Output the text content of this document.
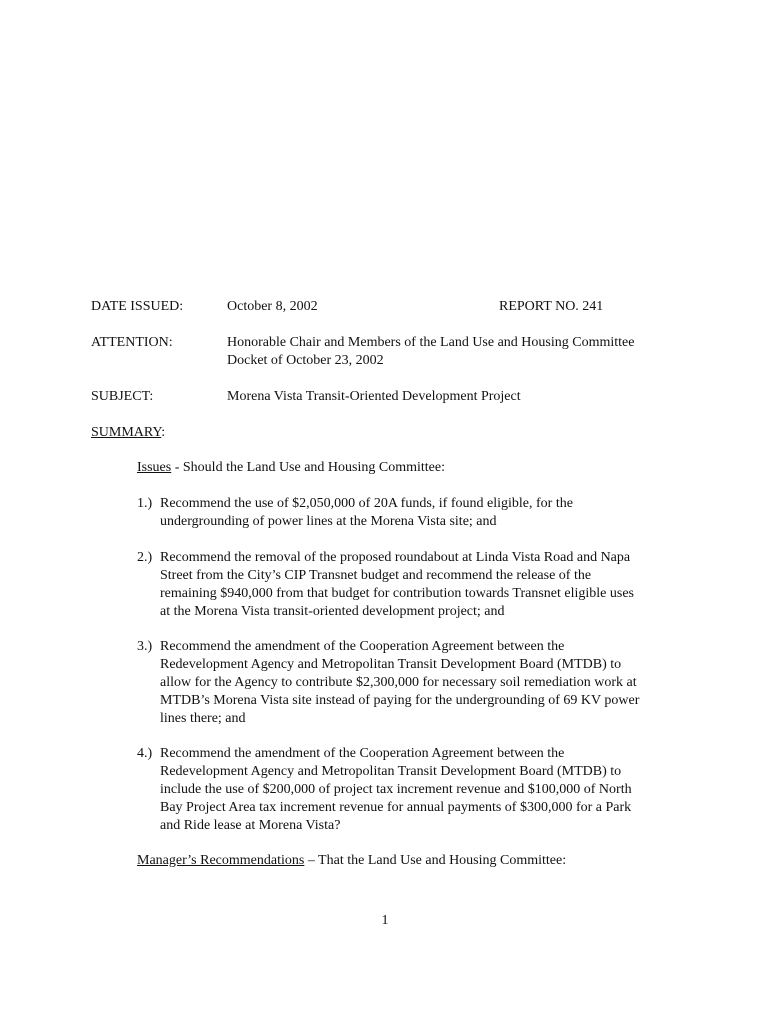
DATE ISSUED:	October 8, 2002	REPORT NO. 241
ATTENTION:	Honorable Chair and Members of the Land Use and Housing Committee
Docket of October 23, 2002
SUBJECT:	Morena Vista Transit-Oriented Development Project
SUMMARY:
Issues - Should the Land Use and Housing Committee:
1.) Recommend the use of $2,050,000 of 20A funds, if found eligible, for the
undergrounding of power lines at the Morena Vista site; and
2.) Recommend the removal of the proposed roundabout at Linda Vista Road and Napa
Street from the City’s CIP Transnet budget and recommend the release of the
remaining $940,000 from that budget for contribution towards Transnet eligible uses
at the Morena Vista transit-oriented development project; and
3.) Recommend the amendment of the Cooperation Agreement between the
Redevelopment Agency and Metropolitan Transit Development Board (MTDB) to
allow for the Agency to contribute $2,300,000 for necessary soil remediation work at
MTDB’s Morena Vista site instead of paying for the undergrounding of 69 KV power
lines there; and
4.) Recommend the amendment of the Cooperation Agreement between the
Redevelopment Agency and Metropolitan Transit Development Board (MTDB) to
include the use of $200,000 of project tax increment revenue and $100,000 of North
Bay Project Area tax increment revenue for annual payments of $300,000 for a Park
and Ride lease at Morena Vista?
Manager’s Recommendations – That the Land Use and Housing Committee:
1
